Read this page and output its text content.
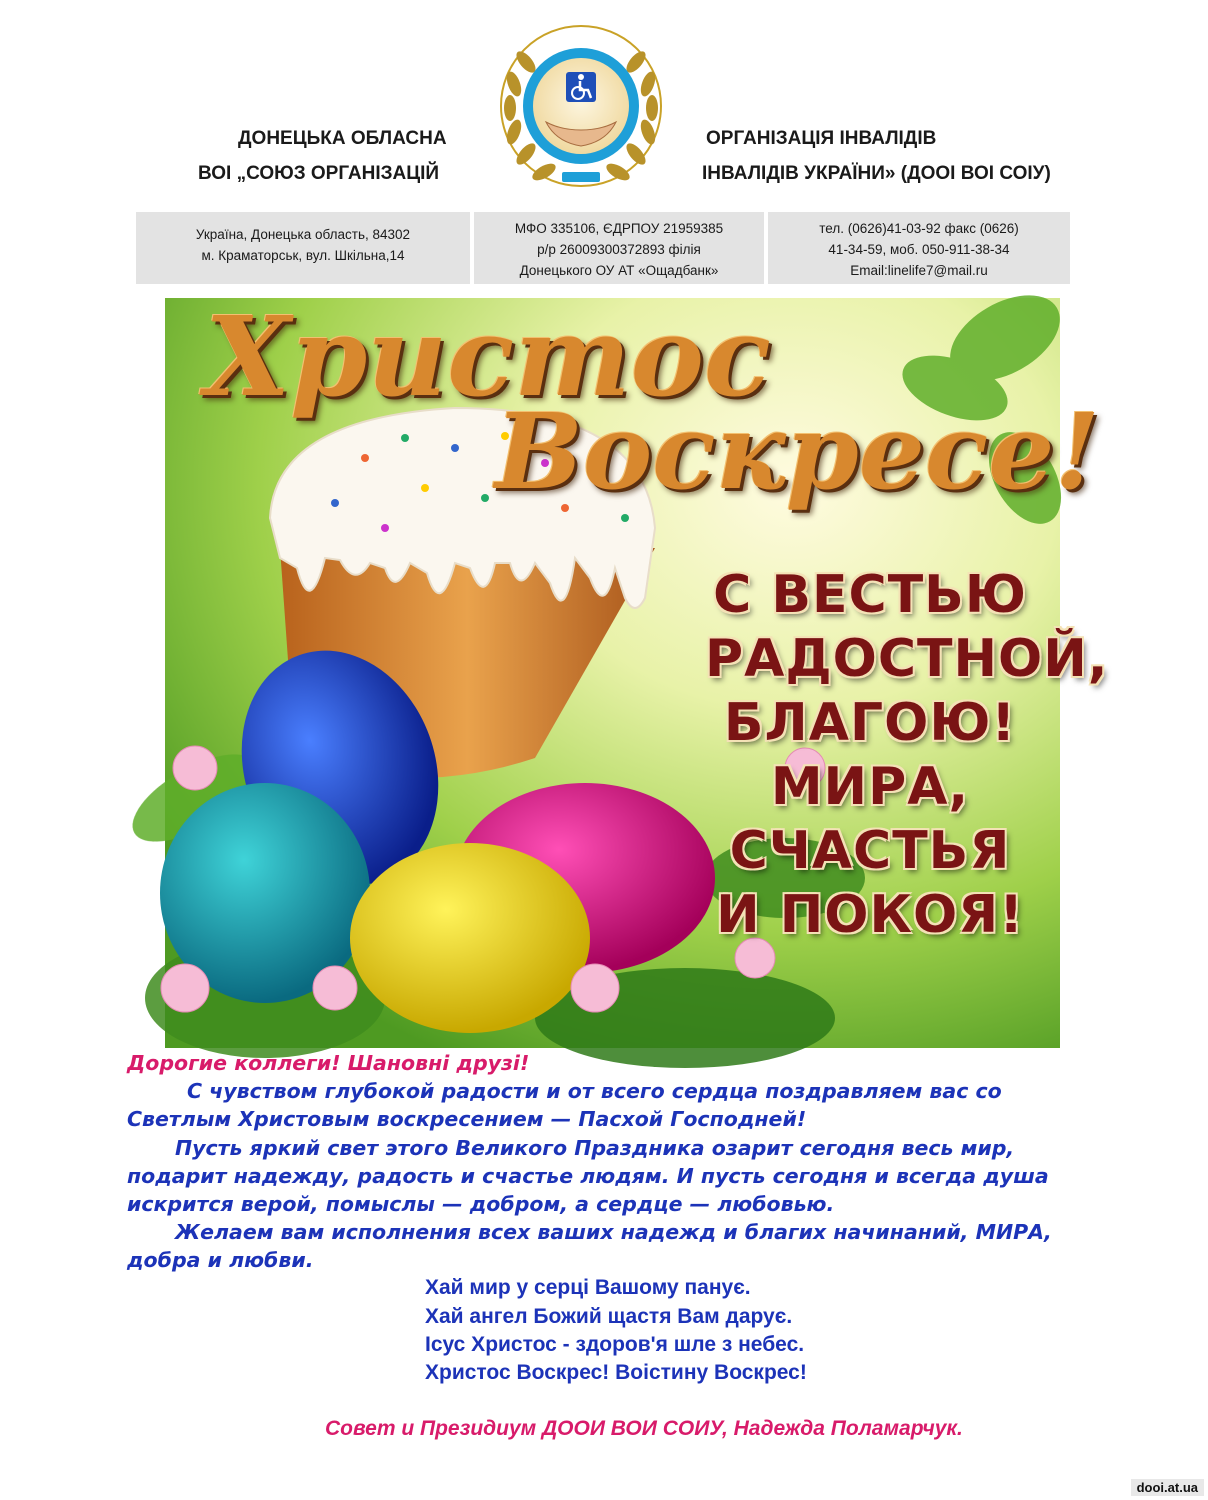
ДОНЕЦЬКА ОБЛАСНА
ВОІ „СОЮЗ ОРГАНІЗАЦІЙ
ОРГАНІЗАЦІЯ ІНВАЛІДІВ
ІНВАЛІДІВ УКРАЇНИ» (ДООІ ВОІ СОІУ)
Україна, Донецька область, 84302
м. Краматорськ, вул. Шкільна,14
МФО 335106, ЄДРПОУ 21959385
р/р 26009300372893 філія
Донецького ОУ АТ «Ощадбанк»
тел. (0626)41-03-92 факс (0626)
41-34-59, моб. 050-911-38-34
Email:linelife7@mail.ru
Христос
Воскресе!
С ВЕСТЬЮ
РАДОСТНОЙ,
БЛАГОЮ!
МИРА,
СЧАСТЬЯ
И ПОКОЯ!
Дорогие коллеги! Шановні друзі!
С чувством глубокой радости и от всего сердца поздравляем вас со
Светлым Христовым воскресением — Пасхой Господней!
Пусть яркий свет этого Великого Праздника озарит сегодня весь мир,
подарит надежду, радость и счастье людям. И пусть сегодня и всегда душа
искрится верой, помыслы — добром, а сердце — любовью.
Желаем вам исполнения всех ваших надежд и благих начинаний, МИРА,
добра и любви.
Хай мир у серці Вашому панує.
Хай ангел Божий щастя Вам дарує.
Ісус Христос - здоров'я шле з небес.
Христос Воскрес! Воістину Воскрес!
Совет и Президиум ДООИ ВОИ СОИУ, Надежда Поламарчук.
dooi.at.ua
